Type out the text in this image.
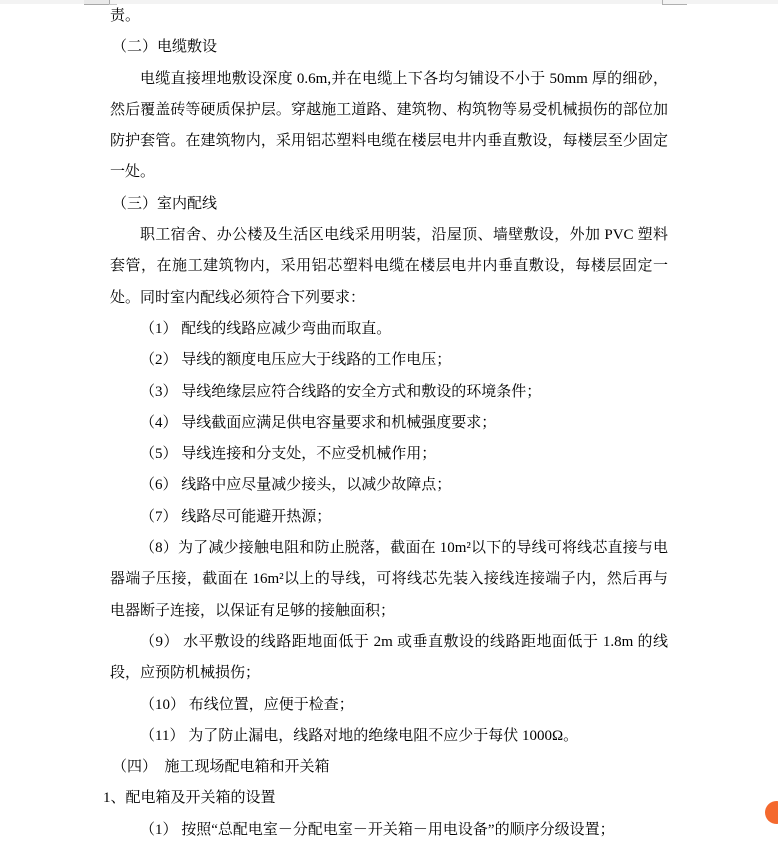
责。

（二）电缆敷设

电缆直接埋地敷设深度 0.6m,并在电缆上下各均匀铺设不小于 50mm 厚的细砂，然后覆盖砖等硬质保护层。穿越施工道路、建筑物、构筑物等易受机械损伤的部位加防护套管。在建筑物内，采用铝芯塑料电缆在楼层电井内垂直敷设，每楼层至少固定一处。

（三）室内配线

职工宿舍、办公楼及生活区电线采用明装，沿屋顶、墙壁敷设，外加 PVC 塑料套管，在施工建筑物内，采用铝芯塑料电缆在楼层电井内垂直敷设，每楼层固定一处。同时室内配线必须符合下列要求：

（1） 配线的线路应减少弯曲而取直。

（2） 导线的额度电压应大于线路的工作电压；

（3） 导线绝缘层应符合线路的安全方式和敷设的环境条件；

（4） 导线截面应满足供电容量要求和机械强度要求；

（5） 导线连接和分支处，不应受机械作用；

（6） 线路中应尽量减少接头，以减少故障点；

（7） 线路尽可能避开热源；

（8）为了减少接触电阻和防止脱落，截面在 10m²以下的导线可将线芯直接与电器端子压接，截面在 16m²以上的导线，可将线芯先装入接线连接端子内，然后再与电器断子连接，以保证有足够的接触面积；

（9） 水平敷设的线路距地面低于 2m 或垂直敷设的线路距地面低于 1.8m 的线段，应预防机械损伤；

（10） 布线位置，应便于检查；

（11） 为了防止漏电，线路对地的绝缘电阻不应少于每伏 1000Ω。

（四）　施工现场配电箱和开关箱

1、配电箱及开关箱的设置

（1） 按照“总配电室－分配电室－开关箱－用电设备”的顺序分级设置；
